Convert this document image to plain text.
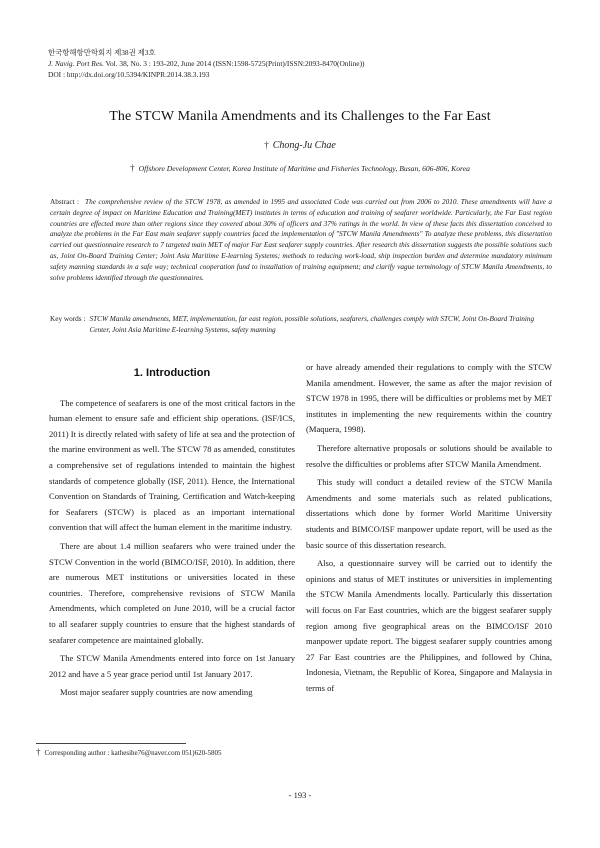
한국항해항만학회지 제38권 제3호
J. Navig. Port Res. Vol. 38, No. 3 : 193-202, June 2014 (ISSN:1598-5725(Print)/ISSN:2093-8470(Online))
DOI : http://dx.doi.org/10.5394/KINPR.2014.38.3.193
The STCW Manila Amendments and its Challenges to the Far East
† Chong-Ju Chae
† Offshore Development Center, Korea Institute of Maritime and Fisheries Technology, Busan, 606-806, Korea
Abstract : The comprehensive review of the STCW 1978, as amended in 1995 and associated Code was carried out from 2006 to 2010. These amendments will have a certain degree of impact on Maritime Education and Training(MET) institutes in terms of education and training of seafarer worldwide. Particularly, the Far East region countries are effected more than other regions since they covered about 30% of officers and 37% ratings in the world. In view of these facts this dissertation conceived to analyze the problems in the Far East main seafarer supply countries faced the implementation of "STCW Manila Amendments" To analyze these problems, this dissertation carried out questionnaire research to 7 targeted main MET of major Far East seafarer supply countries. After research this dissertation suggests the possible solutions such as, Joint On-Board Training Center; Joint Asia Maritime E-learning Systems; methods to reducing work-load, ship inspection burden and determine mandatory minimum safety manning standards in a safe way; technical cooperation fund to installation of training equipment; and clarify vague terminology of STCW Manila Amendments, to solve problems identified through the questionnaires.
Key words : STCW Manila amendments, MET, implementation, far east region, possible solutions, seafarers, challenges comply with STCW, Joint On-Board Training Center, Joint Asia Maritime E-learning Systems, safety manning
1. Introduction

The competence of seafarers is one of the most critical factors in the human element to ensure safe and efficient ship operations. (ISF/ICS, 2011) It is directly related with safety of life at sea and the protection of the marine environment as well. The STCW 78 as amended, constitutes a comprehensive set of regulations intended to maintain the highest standards of competence globally (ISF, 2011). Hence, the International Convention on Standards of Training, Certification and Watch-keeping for Seafarers (STCW) is placed as an important international convention that will affect the human element in the maritime industry.

There are about 1.4 million seafarers who were trained under the STCW Convention in the world (BIMCO/ISF, 2010). In addition, there are numerous MET institutions or universities located in these countries. Therefore, comprehensive revisions of STCW Manila Amendments, which completed on June 2010, will be a crucial factor to all seafarer supply countries to ensure that the highest standards of seafarer competence are maintained globally.

The STCW Manila Amendments entered into force on 1st January 2012 and have a 5 year grace period until 1st January 2017.

Most major seafarer supply countries are now amending

or have already amended their regulations to comply with the STCW Manila amendment. However, the same as after the major revision of STCW 1978 in 1995, there will be difficulties or problems met by MET institutes in implementing the new requirements within the country (Maquera, 1998).

Therefore alternative proposals or solutions should be available to resolve the difficulties or problems after STCW Manila Amendment.

This study will conduct a detailed review of the STCW Manila Amendments and some materials such as related publications, dissertations which done by former World Maritime University students and BIMCO/ISF manpower update report, will be used as the basic source of this dissertation research.

Also, a questionnaire survey will be carried out to identify the opinions and status of MET institutes or universities in implementing the STCW Manila Amendments locally. Particularly this dissertation will focus on Far East countries, which are the biggest seafarer supply region among five geographical areas on the BIMCO/ISF 2010 manpower update report. The biggest seafarer supply countries among 27 Far East countries are the Philippines, and followed by China, Indonesia, Vietnam, the Republic of Korea, Singapore and Malaysia in terms of

† Corresponding author : kathesihe76@naver.com 051)620-5805
- 193 -
